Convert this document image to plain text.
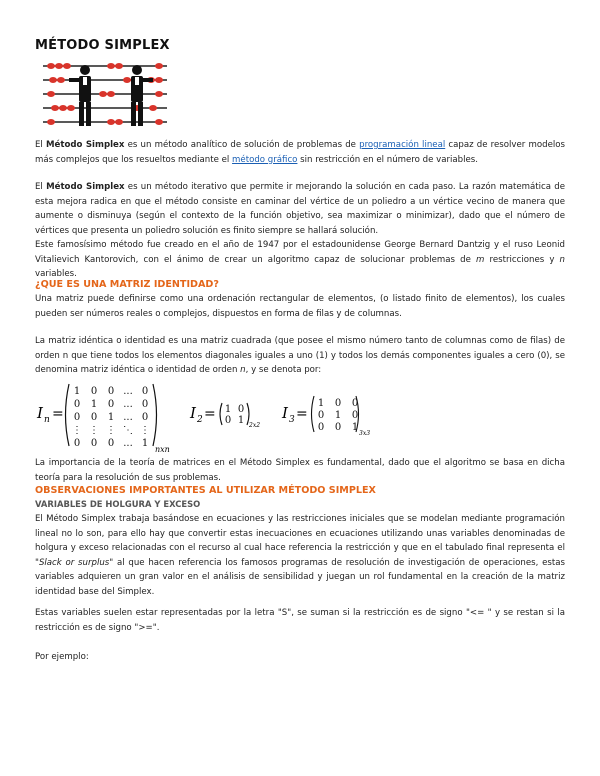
MÉTODO SIMPLEX

El Método Simplex es un método analítico de solución de problemas de programación lineal capaz de resolver modelos más complejos que los resueltos mediante el método gráfico sin restricción en el número de variables.

El Método Simplex es un método iterativo que permite ir mejorando la solución en cada paso. La razón matemática de esta mejora radica en que el método consiste en caminar del vértice de un poliedro a un vértice vecino de manera que aumente o disminuya (según el contexto de la función objetivo, sea maximizar o minimizar), dado que el número de vértices que presenta un poliedro solución es finito siempre se hallará solución.

Este famosísimo método fue creado en el año de 1947 por el estadounidense George Bernard Dantzig y el ruso Leonid Vitalievich Kantorovich, con el ánimo de crear un algoritmo capaz de solucionar problemas de m restricciones y n variables.

¿QUE ES UNA MATRIZ IDENTIDAD?

Una matriz puede definirse como una ordenación rectangular de elementos, (o listado finito de elementos), los cuales pueden ser números reales o complejos, dispuestos en forma de filas y de columnas.

La matriz idéntica o identidad es una matriz cuadrada (que posee el mismo número tanto de columnas como de filas) de orden n que tiene todos los elementos diagonales iguales a uno (1) y todos los demás componentes iguales a cero (0), se denomina matriz idéntica o identidad de orden n, y se denota por:

I n =
1 0 0 ... 0
0 1 0 ... 0
0 0 1 ... 0
⋮ ⋮ ⋮ ⋱ ⋮
0 0 0 ... 1
nxn
I 2 = 1 0
0 1 2x2
I 3 =
1 0 0
0 1 0
0 0 1
3x3

La importancia de la teoría de matrices en el Método Simplex es fundamental, dado que el algoritmo se basa en dicha teoría para la resolución de sus problemas.

OBSERVACIONES IMPORTANTES AL UTILIZAR MÉTODO SIMPLEX
VARIABLES DE HOLGURA Y EXCESO

El Método Simplex trabaja basándose en ecuaciones y las restricciones iniciales que se modelan mediante programación lineal no lo son, para ello hay que convertir estas inecuaciones en ecuaciones utilizando unas variables denominadas de holgura y exceso relacionadas con el recurso al cual hace referencia la restricción y que en el tabulado final representa el "Slack or surplus" al que hacen referencia los famosos programas de resolución de investigación de operaciones, estas variables adquieren un gran valor en el análisis de sensibilidad y juegan un rol fundamental en la creación de la matriz identidad base del Simplex.

Estas variables suelen estar representadas por la letra "S", se suman si la restricción es de signo "<= " y se restan si la restricción es de signo ">=".

Por ejemplo:
